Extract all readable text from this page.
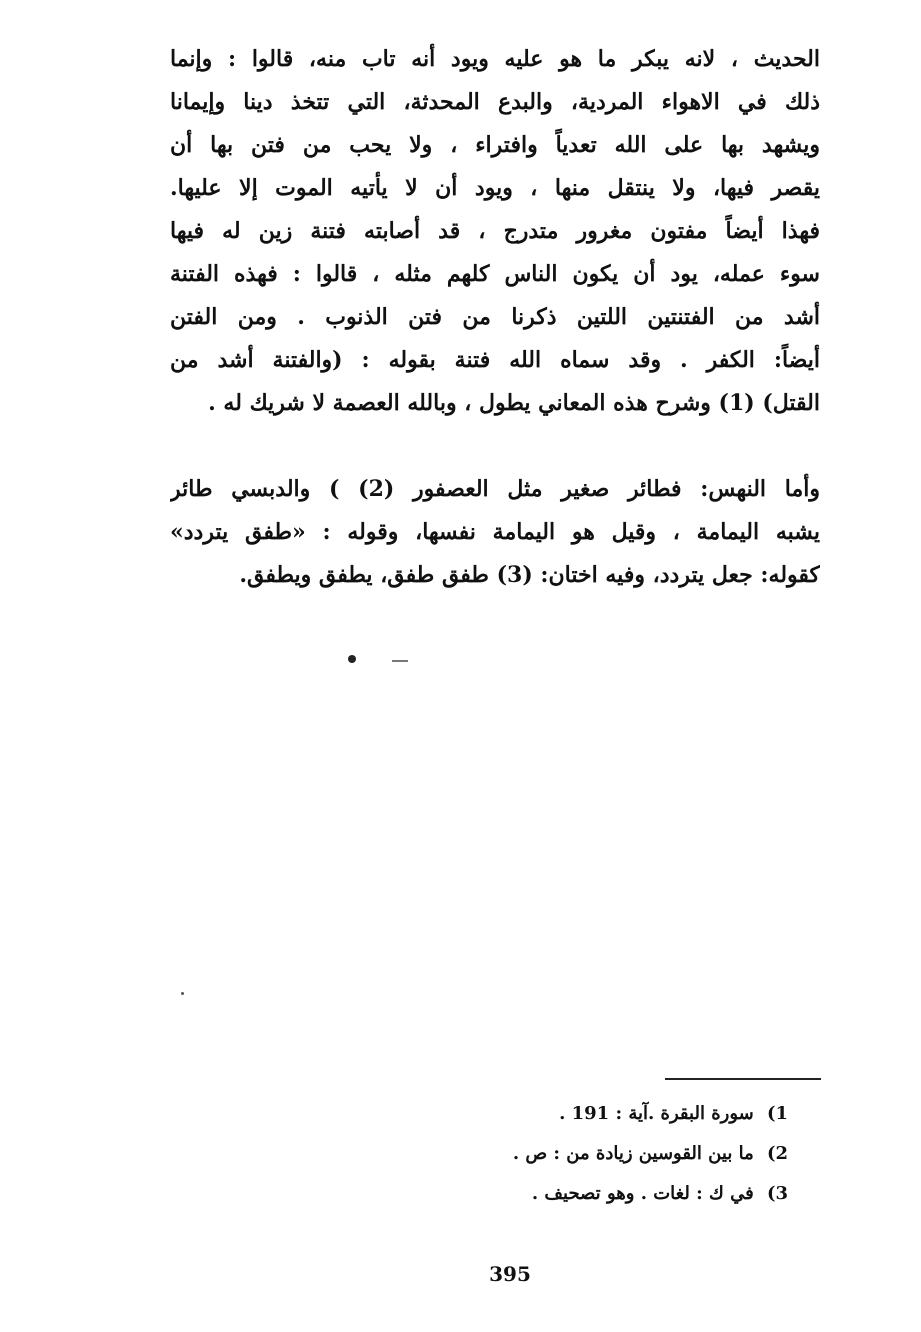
الحديث ، لانه يبكر ما هو عليه ويود أنه تاب منه، قالوا : وإنما
ذلك في الاهواء المردية، والبدع المحدثة، التي تتخذ دينا وإيمانا
ويشهد بها على الله تعدياً وافتراء ، ولا يحب من فتن بها أن
يقصر فيها، ولا ينتقل منها ، ويود أن لا يأتيه الموت إلا عليها.
فهذا أيضاً مفتون مغرور متدرج ، قد أصابته فتنة زين له فيها
سوء عمله، يود أن يكون الناس كلهم مثله ، قالوا : فهذه الفتنة
أشد من الفتنتين اللتين ذكرنا من فتن الذنوب . ومن الفتن
أيضاً: الكفر . وقد سماه الله فتنة بقوله : (والفتنة أشد من
القتل) (1) وشرح هذه المعاني يطول ، وبالله العصمة لا شريك له .
وأما النهس: فطائر صغير مثل العصفور (2) ) والدبسي طائر
يشبه اليمامة ، وقيل هو اليمامة نفسها، وقوله : «طفق يتردد»
كقوله: جعل يتردد، وفيه اختان: (3) طفق طفق، يطفق ويطفق.
1) سورة البقرة .آية : 191 .
2) ما بين القوسين زيادة من : ص .
3) في ك : لغات . وهو تصحيف .
395
